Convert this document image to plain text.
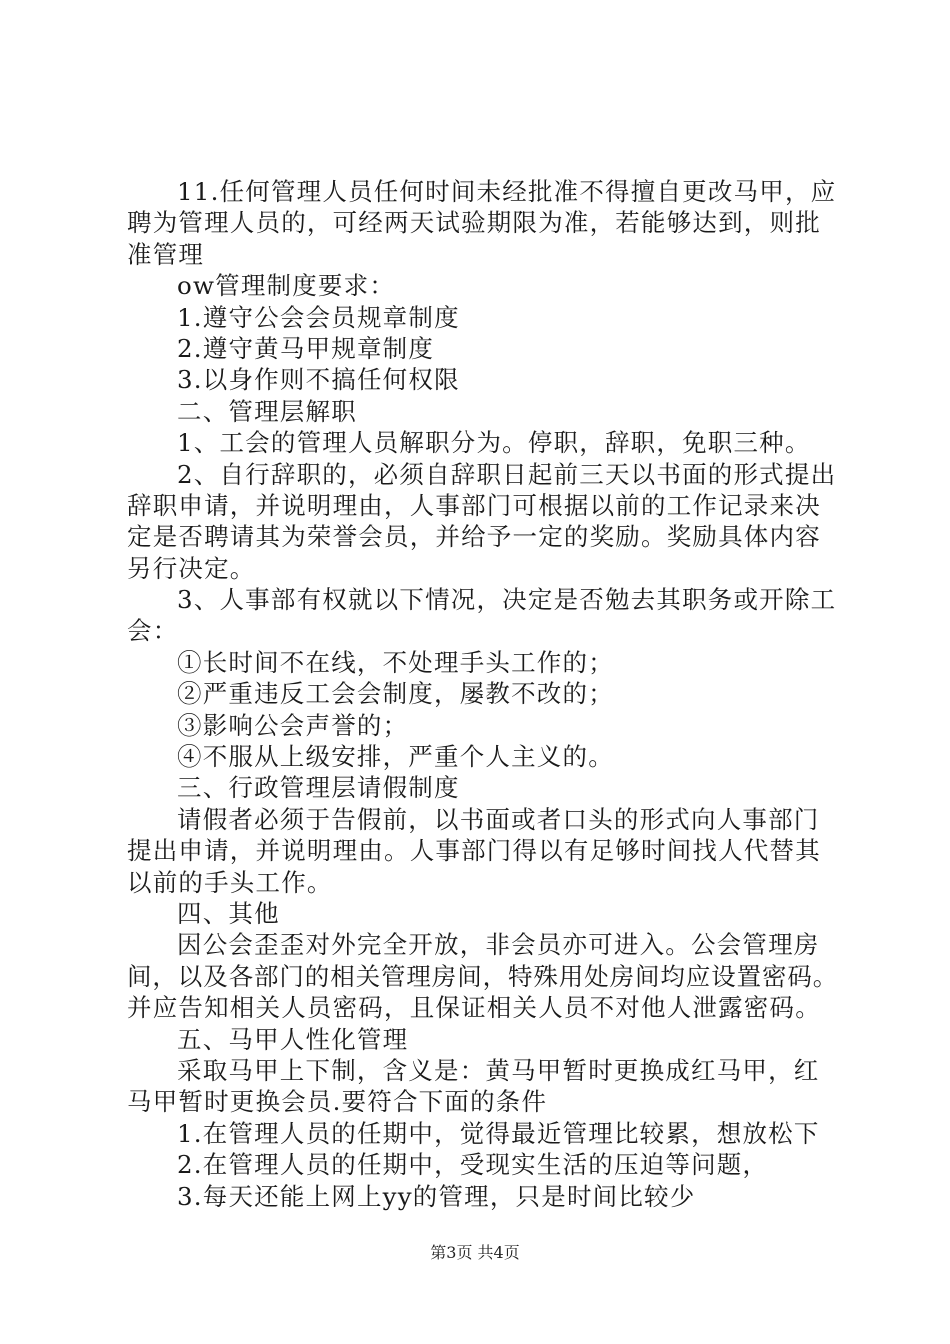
11.任何管理人员任何时间未经批准不得擅自更改马甲，应
聘为管理人员的，可经两天试验期限为准，若能够达到，则批
准管理
ow管理制度要求：
1.遵守公会会员规章制度
2.遵守黄马甲规章制度
3.以身作则不搞任何权限
二、管理层解职
1、工会的管理人员解职分为。停职，辞职，免职三种。
2、自行辞职的，必须自辞职日起前三天以书面的形式提出
辞职申请，并说明理由，人事部门可根据以前的工作记录来决
定是否聘请其为荣誉会员，并给予一定的奖励。奖励具体内容
另行决定。
3、人事部有权就以下情况，决定是否勉去其职务或开除工
会：
①长时间不在线，不处理手头工作的；
②严重违反工会会制度，屡教不改的；
③影响公会声誉的；
④不服从上级安排，严重个人主义的。
三、行政管理层请假制度
请假者必须于告假前，以书面或者口头的形式向人事部门
提出申请，并说明理由。人事部门得以有足够时间找人代替其
以前的手头工作。
四、其他
因公会歪歪对外完全开放，非会员亦可进入。公会管理房
间，以及各部门的相关管理房间，特殊用处房间均应设置密码。
并应告知相关人员密码，且保证相关人员不对他人泄露密码。
五、马甲人性化管理
采取马甲上下制，含义是：黄马甲暂时更换成红马甲，红
马甲暂时更换会员.要符合下面的条件
1.在管理人员的任期中，觉得最近管理比较累，想放松下
2.在管理人员的任期中，受现实生活的压迫等问题，
3.每天还能上网上yy的管理，只是时间比较少
第3页 共4页
